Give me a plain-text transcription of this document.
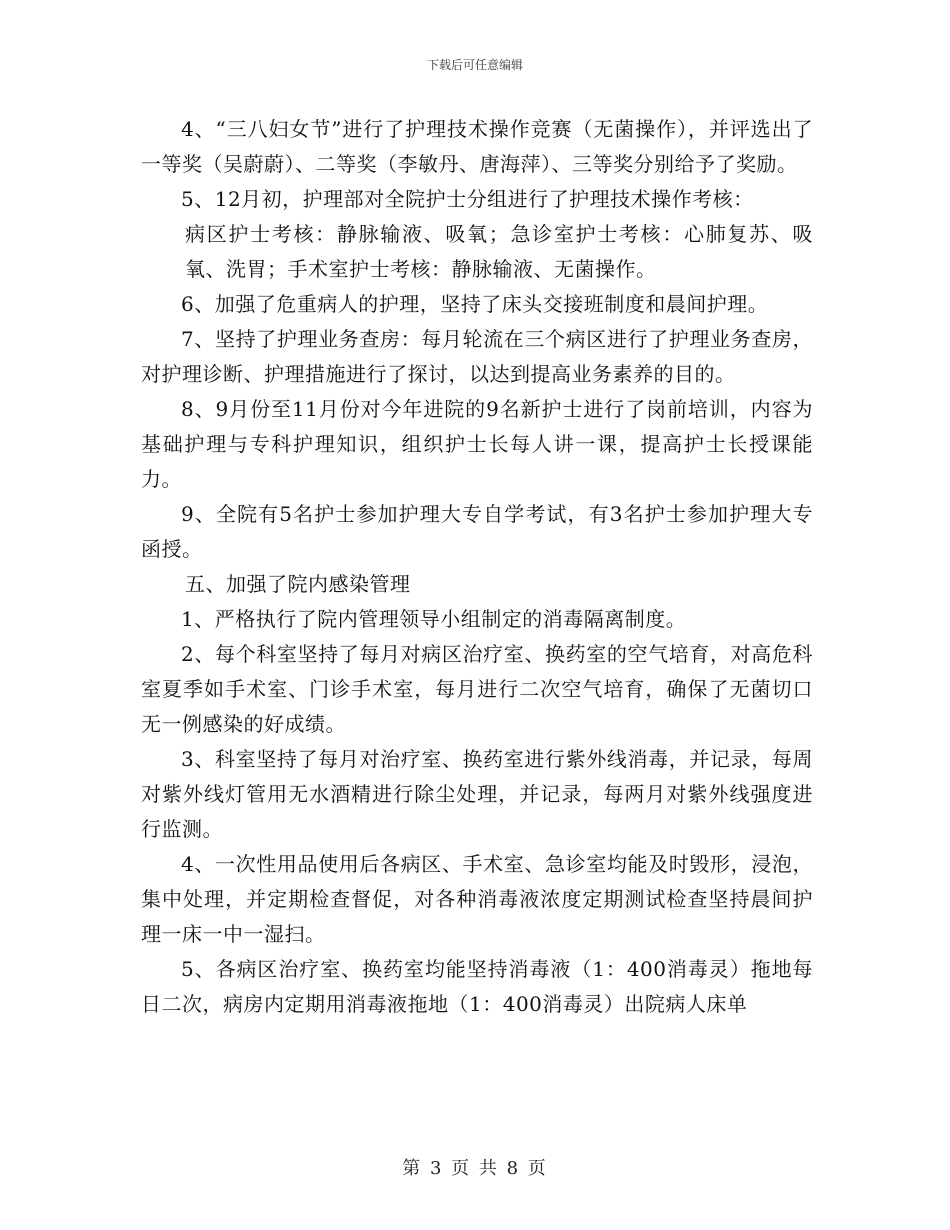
下载后可任意编辑

4、“三八妇女节”进行了护理技术操作竞赛（无菌操作），并评选出了一等奖（吴蔚蔚）、二等奖（李敏丹、唐海萍）、三等奖分别给予了奖励。

5、12月初，护理部对全院护士分组进行了护理技术操作考核：

病区护士考核：静脉输液、吸氧；急诊室护士考核：心肺复苏、吸氧、洗胃；手术室护士考核：静脉输液、无菌操作。

6、加强了危重病人的护理，坚持了床头交接班制度和晨间护理。

7、坚持了护理业务查房：每月轮流在三个病区进行了护理业务查房，对护理诊断、护理措施进行了探讨，以达到提高业务素养的目的。

8、9月份至11月份对今年进院的9名新护士进行了岗前培训，内容为基础护理与专科护理知识，组织护士长每人讲一课，提高护士长授课能力。

9、全院有5名护士参加护理大专自学考试，有3名护士参加护理大专函授。

五、加强了院内感染管理

1、严格执行了院内管理领导小组制定的消毒隔离制度。

2、每个科室坚持了每月对病区治疗室、换药室的空气培育，对高危科室夏季如手术室、门诊手术室，每月进行二次空气培育，确保了无菌切口无一例感染的好成绩。

3、科室坚持了每月对治疗室、换药室进行紫外线消毒，并记录，每周对紫外线灯管用无水酒精进行除尘处理，并记录，每两月对紫外线强度进行监测。

4、一次性用品使用后各病区、手术室、急诊室均能及时毁形，浸泡，集中处理，并定期检查督促，对各种消毒液浓度定期测试检查坚持晨间护理一床一中一湿扫。

5、各病区治疗室、换药室均能坚持消毒液（1：400消毒灵）拖地每日二次，病房内定期用消毒液拖地（1：400消毒灵）出院病人床单

第 3 页 共 8 页
